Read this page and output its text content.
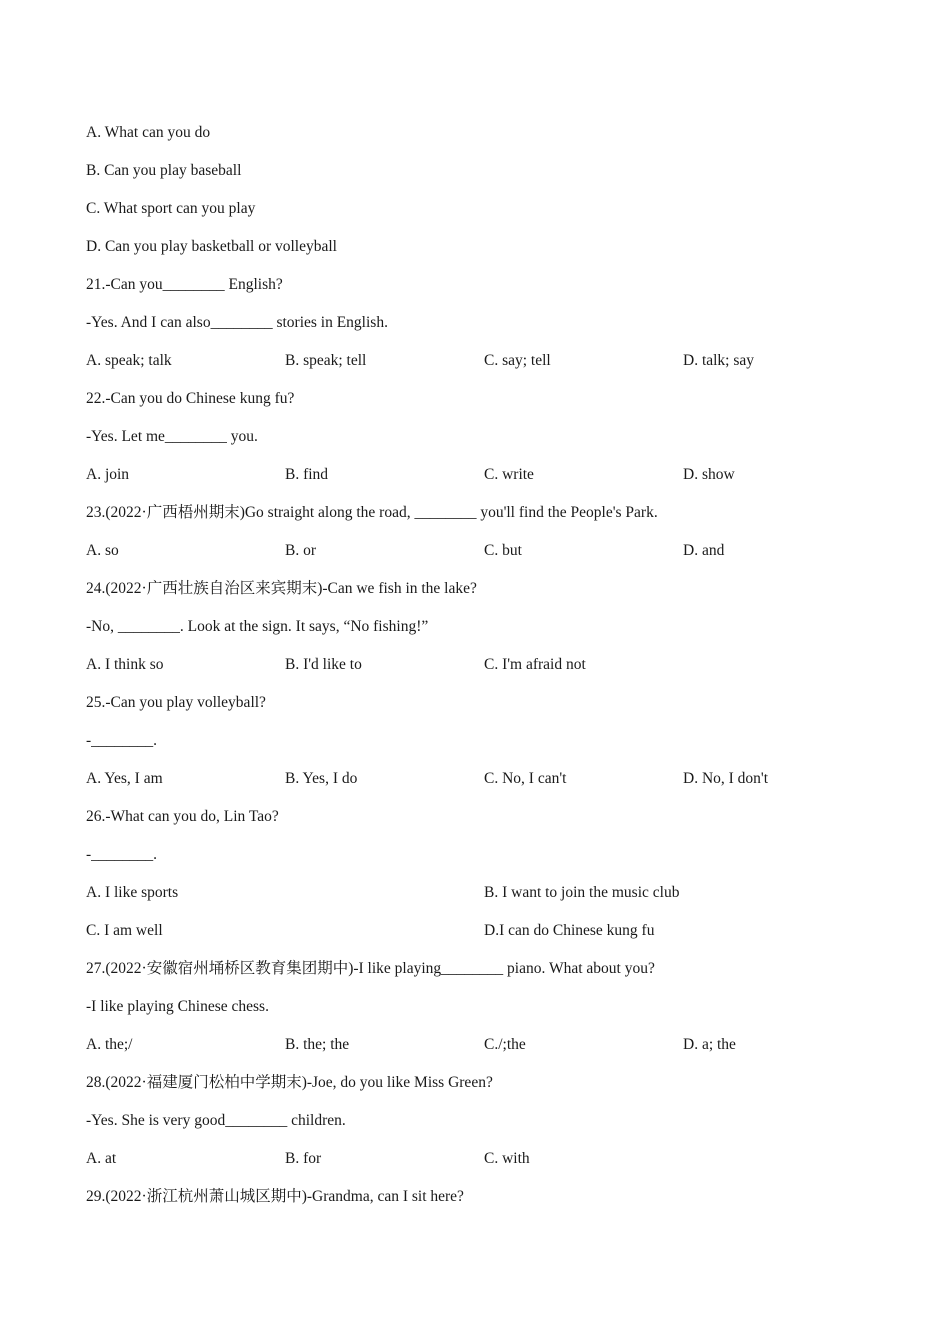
A. What can you do
B. Can you play baseball
C. What sport can you play
D. Can you play basketball or volleyball
21.-Can you________ English?
-Yes. And I can also________ stories in English.
A. speak; talk	B. speak; tell	C. say; tell	D. talk; say
22.-Can you do Chinese kung fu?
-Yes. Let me________ you.
A. join	B. find	C. write	D. show
23.(2022·广西梧州期末)Go straight along the road, ________ you'll find the People's Park.
A. so	B. or	C. but	D. and
24.(2022·广西壮族自治区来宾期末)-Can we fish in the lake?
-No, ________. Look at the sign. It says, “No fishing!”
A. I think so	B. I'd like to	C. I'm afraid not
25.-Can you play volleyball?
-________.
A. Yes, I am	B. Yes, I do	C. No, I can't	D. No, I don't
26.-What can you do, Lin Tao?
-________.
A. I like sports	B. I want to join the music club
C. I am well	D.I can do Chinese kung fu
27.(2022·安徽宿州埇桥区教育集团期中)-I like playing________ piano. What about you?
-I like playing Chinese chess.
A. the;/	B. the; the	C./;the	D. a; the
28.(2022·福建厦门松柏中学期末)-Joe, do you like Miss Green?
-Yes. She is very good________ children.
A. at	B. for	C. with
29.(2022·浙江杭州萧山城区期中)-Grandma, can I sit here?
